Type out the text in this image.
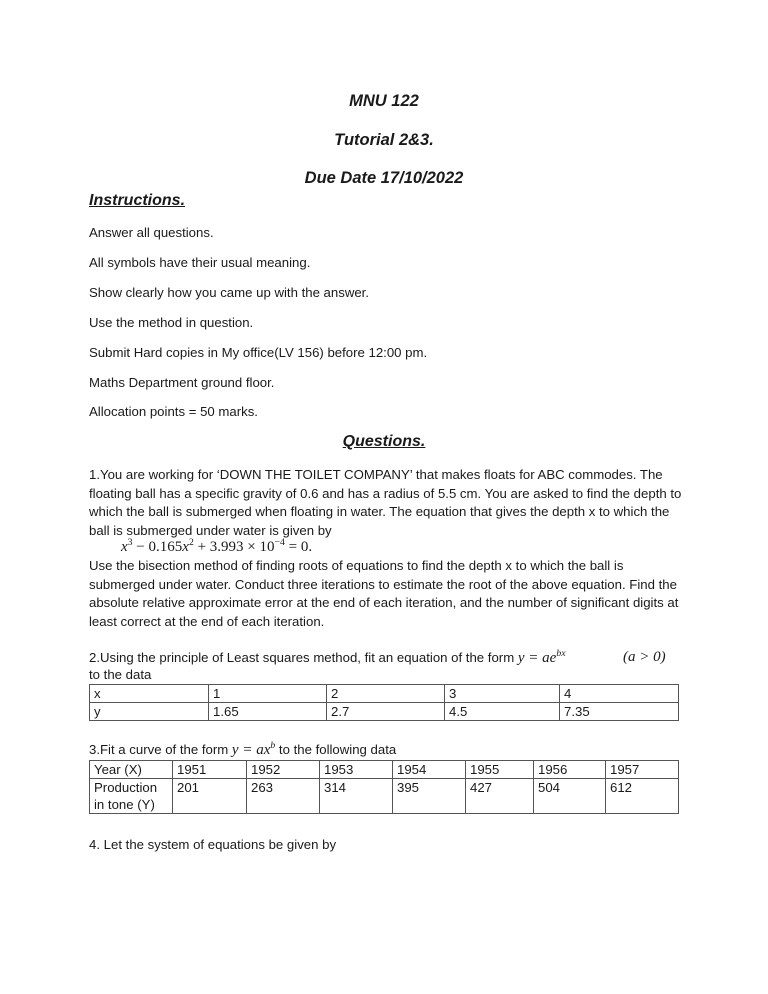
MNU 122
Tutorial 2&3.
Due Date 17/10/2022
Instructions.
Answer all questions.
All symbols have their usual meaning.
Show clearly how you came up with the answer.
Use the method in question.
Submit Hard copies in My office(LV 156) before 12:00 pm.
Maths Department ground floor.
Allocation points = 50 marks.
Questions.
1.You are working for ‘DOWN THE TOILET COMPANY’ that makes floats for ABC commodes. The floating ball has a specific gravity of 0.6 and has a radius of 5.5 cm. You are asked to find the depth to which the ball is submerged when floating in water. The equation that gives the depth x to which the ball is submerged under water is given by
$x^3 - 0.165x^2 + 3.993 \times 10^{-4} = 0$.
Use the bisection method of finding roots of equations to find the depth x to which the ball is submerged under water. Conduct three iterations to estimate the root of the above equation. Find the absolute relative approximate error at the end of each iteration, and the number of significant digits at least correct at the end of each iteration.
2.Using the principle of Least squares method, fit an equation of the form $y = ae^{bx}$	(a > 0)
to the data
x	1	2	3	4
y	1.65	2.7	4.5	7.35
3.Fit a curve of the form $y = ax^b$ to the following data
Year (X)	1951	1952	1953	1954	1955	1956	1957
Production in tone (Y)	201	263	314	395	427	504	612
4. Let the system of equations be given by
